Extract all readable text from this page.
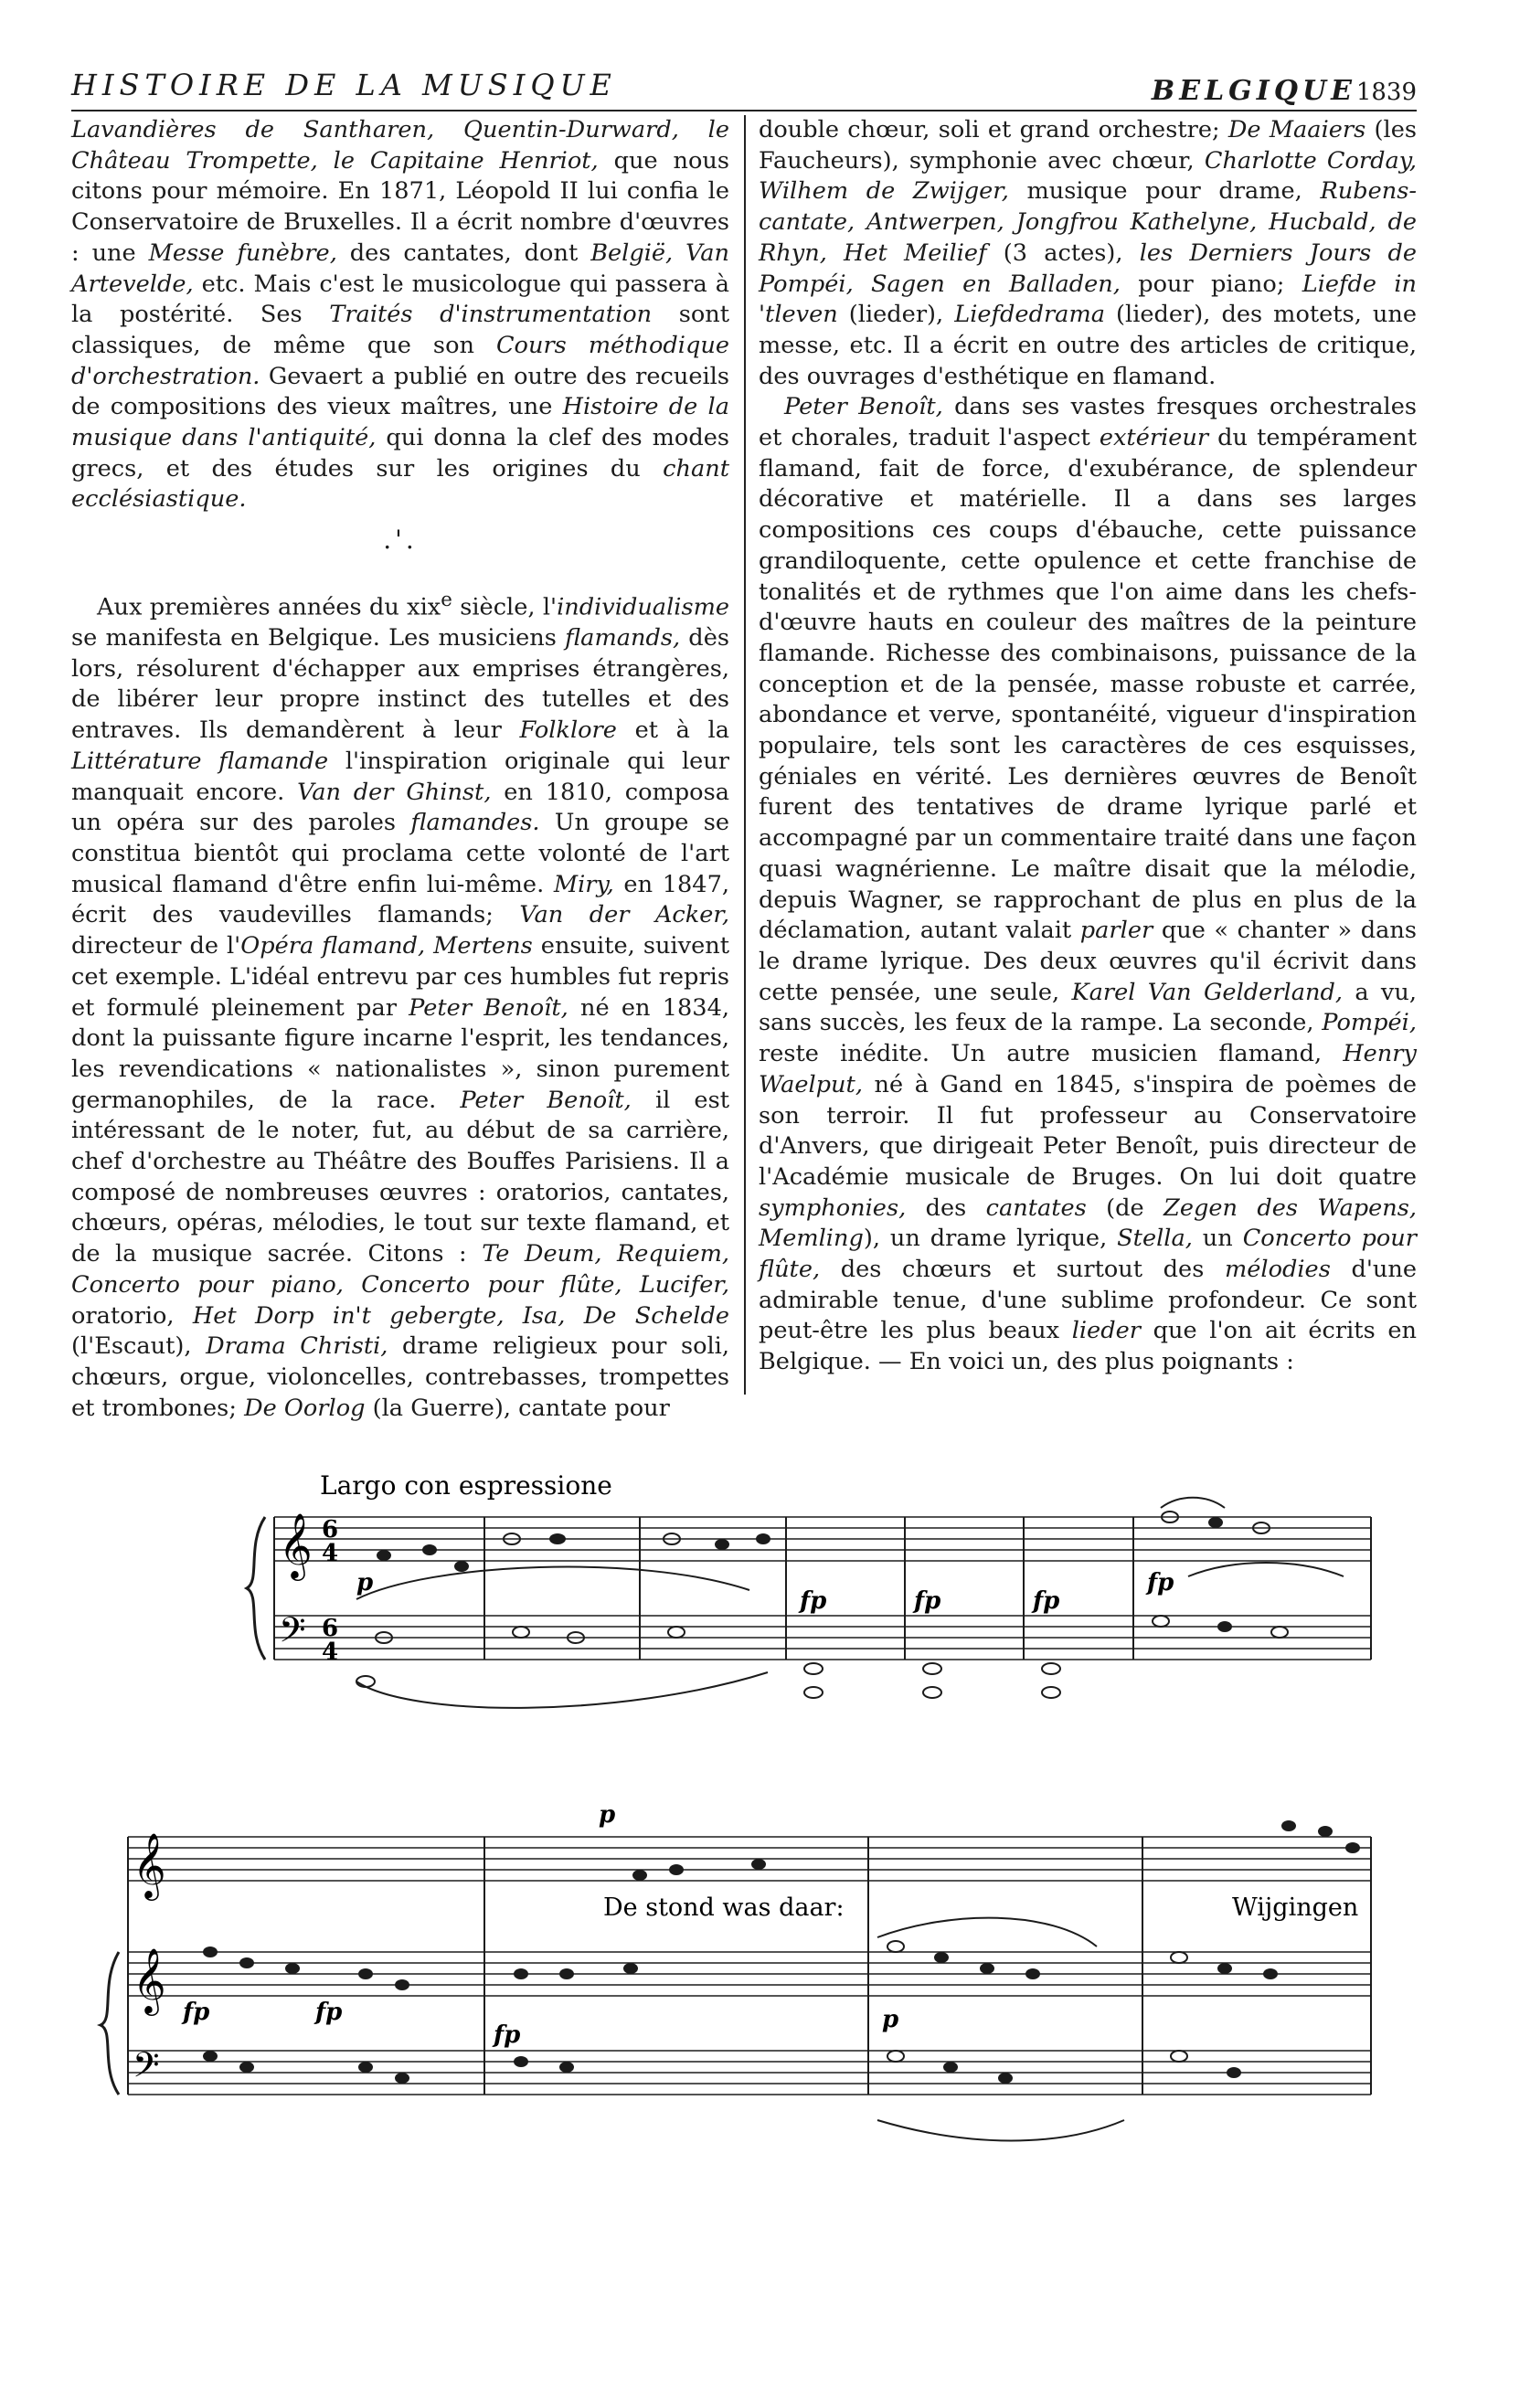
HISTOIRE DE LA MUSIQUE	BELGIQUE 1839

Lavandières de Santharen, Quentin-Durward, le Château Trompette, le Capitaine Henriot, que nous citons pour mémoire. En 1871, Léopold II lui confia le Conservatoire de Bruxelles. Il a écrit nombre d'œuvres : une Messe funèbre, des cantates, dont België, Van Artevelde, etc. Mais c'est le musicologue qui passera à la postérité. Ses Traités d'instrumentation sont classiques, de même que son Cours méthodique d'orchestration. Gevaert a publié en outre des recueils de compositions des vieux maîtres, une Histoire de la musique dans l'antiquité, qui donna la clef des modes grecs, et des études sur les origines du chant ecclésiastique.

.'.

Aux premières années du xix$^e$ siècle, l'individualisme se manifesta en Belgique. Les musiciens flamands, dès lors, résolurent d'échapper aux emprises étrangères, de libérer leur propre instinct des tutelles et des entraves. Ils demandèrent à leur Folklore et à la Littérature flamande l'inspiration originale qui leur manquait encore. Van der Ghinst, en 1810, composa un opéra sur des paroles flamandes. Un groupe se constitua bientôt qui proclama cette volonté de l'art musical flamand d'être enfin lui-même. Miry, en 1847, écrit des vaudevilles flamands; Van der Acker, directeur de l'Opéra flamand, Mertens ensuite, suivent cet exemple. L'idéal entrevu par ces humbles fut repris et formulé pleinement par Peter Benoît, né en 1834, dont la puissante figure incarne l'esprit, les tendances, les revendications « nationalistes », sinon purement germanophiles, de la race. Peter Benoît, il est intéressant de le noter, fut, au début de sa carrière, chef d'orchestre au Théâtre des Bouffes Parisiens. Il a composé de nombreuses œuvres : oratorios, cantates, chœurs, opéras, mélodies, le tout sur texte flamand, et de la musique sacrée. Citons : Te Deum, Requiem, Concerto pour piano, Concerto pour flûte, Lucifer, oratorio, Het Dorp in't gebergte, Isa, De Schelde (l'Escaut), Drama Christi, drame religieux pour soli, chœurs, orgue, violoncelles, contrebasses, trompettes et trombones; De Oorlog (la Guerre), cantate pour

double chœur, soli et grand orchestre; De Maaiers (les Faucheurs), symphonie avec chœur, Charlotte Corday, Wilhem de Zwijger, musique pour drame, Rubens-cantate, Antwerpen, Jongfrou Kathelyne, Hucbald, de Rhyn, Het Meilief (3 actes), les Derniers Jours de Pompéi, Sagen en Balladen, pour piano; Liefde in 'tleven (lieder), Liefdedrama (lieder), des motets, une messe, etc. Il a écrit en outre des articles de critique, des ouvrages d'esthétique en flamand.

Peter Benoît, dans ses vastes fresques orchestrales et chorales, traduit l'aspect extérieur du tempérament flamand, fait de force, d'exubérance, de splendeur décorative et matérielle. Il a dans ses larges compositions ces coups d'ébauche, cette puissance grandiloquente, cette opulence et cette franchise de tonalités et de rythmes que l'on aime dans les chefs-d'œuvre hauts en couleur des maîtres de la peinture flamande. Richesse des combinaisons, puissance de la conception et de la pensée, masse robuste et carrée, abondance et verve, spontanéité, vigueur d'inspiration populaire, tels sont les caractères de ces esquisses, géniales en vérité. Les dernières œuvres de Benoît furent des tentatives de drame lyrique parlé et accompagné par un commentaire traité dans une façon quasi wagnérienne. Le maître disait que la mélodie, depuis Wagner, se rapprochant de plus en plus de la déclamation, autant valait parler que « chanter » dans le drame lyrique. Des deux œuvres qu'il écrivit dans cette pensée, une seule, Karel Van Gelderland, a vu, sans succès, les feux de la rampe. La seconde, Pompéi, reste inédite. Un autre musicien flamand, Henry Waelput, né à Gand en 1845, s'inspira de poèmes de son terroir. Il fut professeur au Conservatoire d'Anvers, que dirigeait Peter Benoît, puis directeur de l'Académie musicale de Bruges. On lui doit quatre symphonies, des cantates (de Zegen des Wapens, Memling), un drame lyrique, Stella, un Concerto pour flûte, des chœurs et surtout des mélodies d'une admirable tenue, d'une sublime profondeur. Ce sont peut-être les plus beaux lieder que l'on ait écrits en Belgique. — En voici un, des plus poignants :

Largo con espressione
𝄞
𝄢
6
4
6
4
p
fp	fp	fp
fp
𝄞
𝄞
𝄢
p
fp	fp
fp
p
De stond was daar:	Wijgingen
